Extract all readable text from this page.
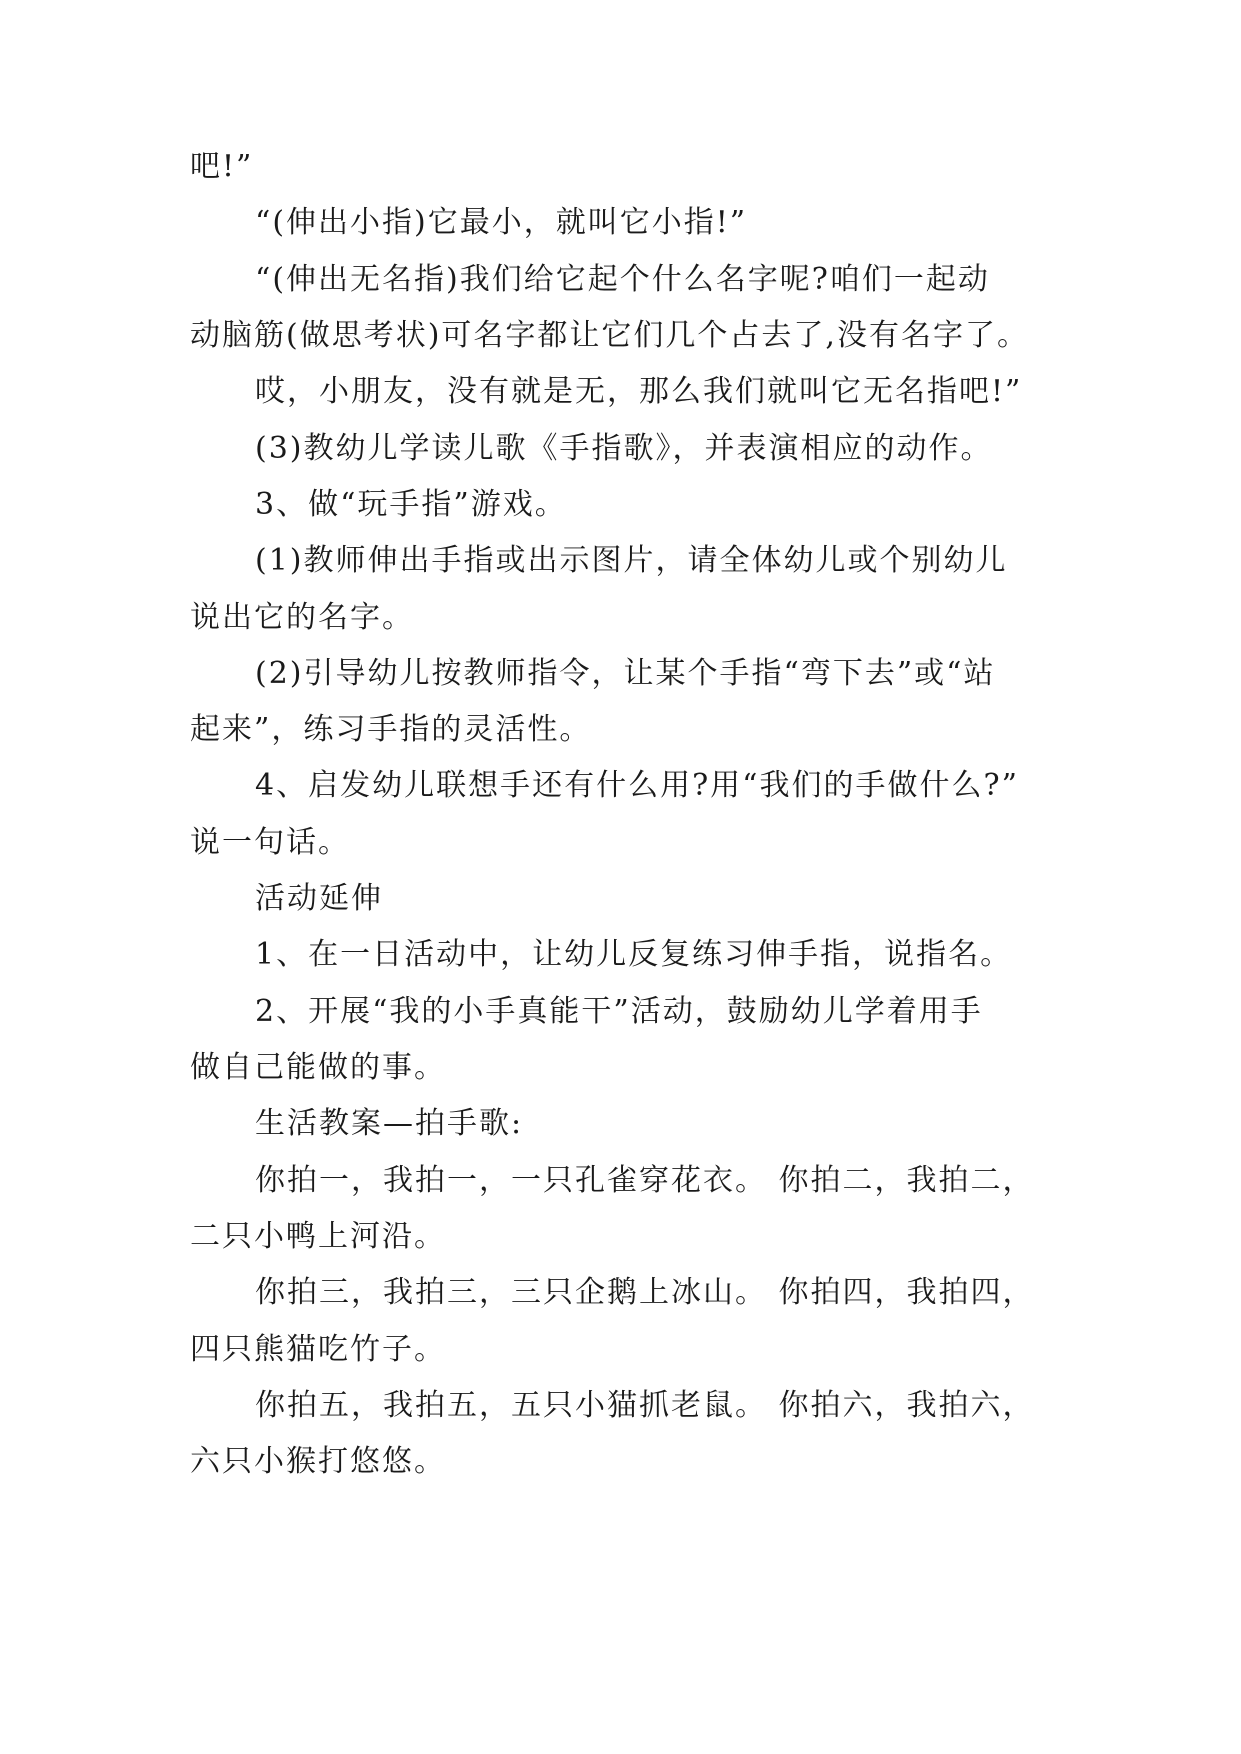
吧!”
“(伸出小指)它最小，就叫它小指!”
“(伸出无名指)我们给它起个什么名字呢?咱们一起动
动脑筋(做思考状)可名字都让它们几个占去了,没有名字了。
哎，小朋友，没有就是无，那么我们就叫它无名指吧!”
(3)教幼儿学读儿歌《手指歌》，并表演相应的动作。
3、做“玩手指”游戏。
(1)教师伸出手指或出示图片，请全体幼儿或个别幼儿
说出它的名字。
(2)引导幼儿按教师指令，让某个手指“弯下去”或“站
起来”，练习手指的灵活性。
4、启发幼儿联想手还有什么用?用“我们的手做什么?”
说一句话。
活动延伸
1、在一日活动中，让幼儿反复练习伸手指，说指名。
2、开展“我的小手真能干”活动，鼓励幼儿学着用手
做自己能做的事。
生活教案—拍手歌:
你拍一，我拍一，一只孔雀穿花衣。 你拍二，我拍二，
二只小鸭上河沿。
你拍三，我拍三，三只企鹅上冰山。 你拍四，我拍四，
四只熊猫吃竹子。
你拍五，我拍五，五只小猫抓老鼠。 你拍六，我拍六，
六只小猴打悠悠。
